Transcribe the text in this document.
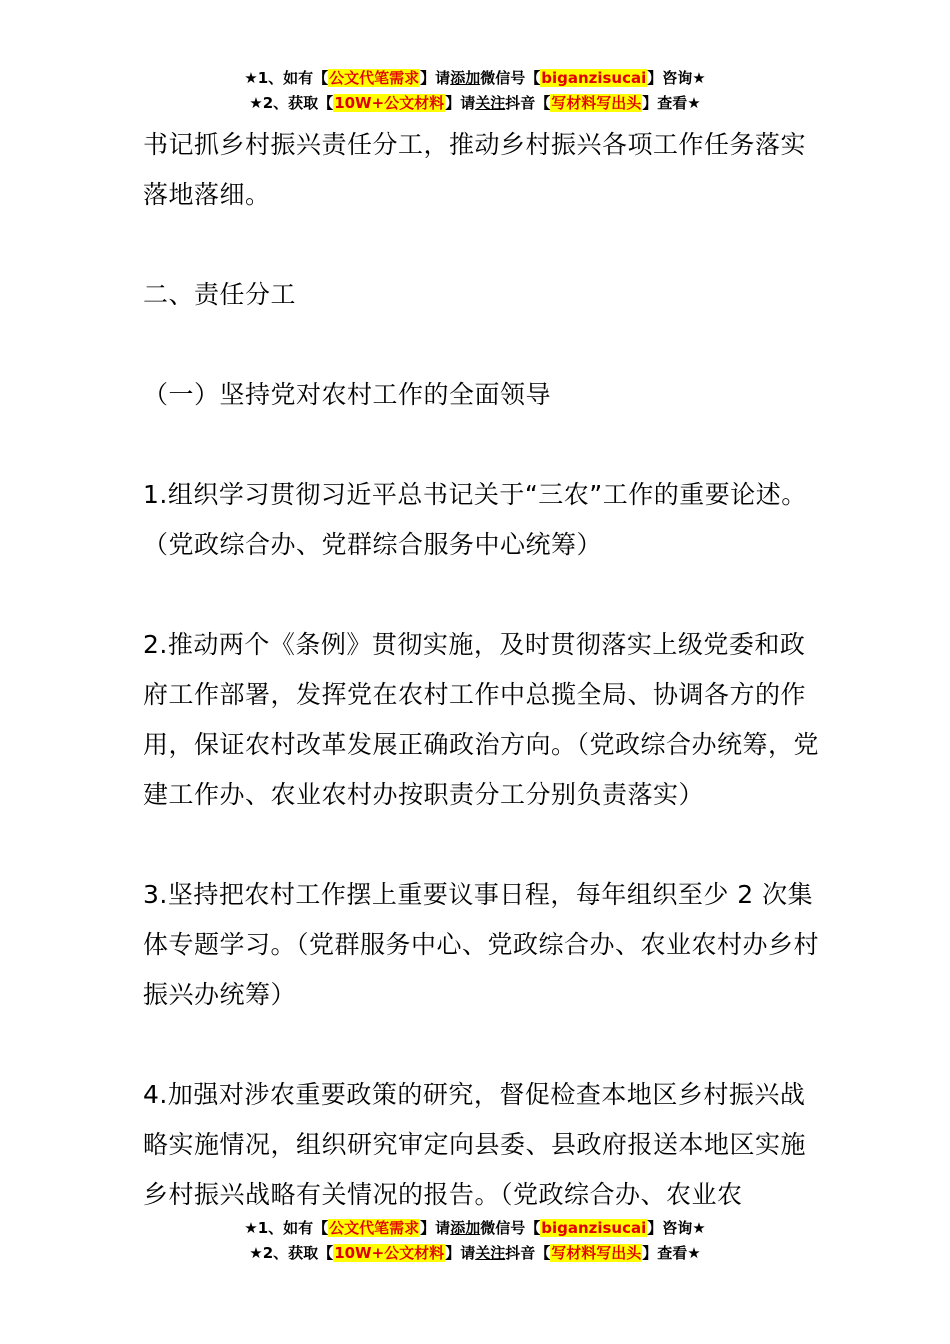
★1、如有【公文代笔需求】请添加微信号【biganzisucai】咨询★
★2、获取【10W+公文材料】请关注抖音【写材料写出头】查看★

书记抓乡村振兴责任分工，推动乡村振兴各项工作任务落实落地落细。

二、责任分工

（一）坚持党对农村工作的全面领导

1.组织学习贯彻习近平总书记关于“三农”工作的重要论述。（党政综合办、党群综合服务中心统筹）

2.推动两个《条例》贯彻实施，及时贯彻落实上级党委和政府工作部署，发挥党在农村工作中总揽全局、协调各方的作用，保证农村改革发展正确政治方向。（党政综合办统筹，党建工作办、农业农村办按职责分工分别负责落实）

3.坚持把农村工作摆上重要议事日程，每年组织至少 2 次集体专题学习。（党群服务中心、党政综合办、农业农村办乡村振兴办统筹）

4.加强对涉农重要政策的研究，督促检查本地区乡村振兴战略实施情况，组织研究审定向县委、县政府报送本地区实施乡村振兴战略有关情况的报告。（党政综合办、农业农

★1、如有【公文代笔需求】请添加微信号【biganzisucai】咨询★
★2、获取【10W+公文材料】请关注抖音【写材料写出头】查看★
